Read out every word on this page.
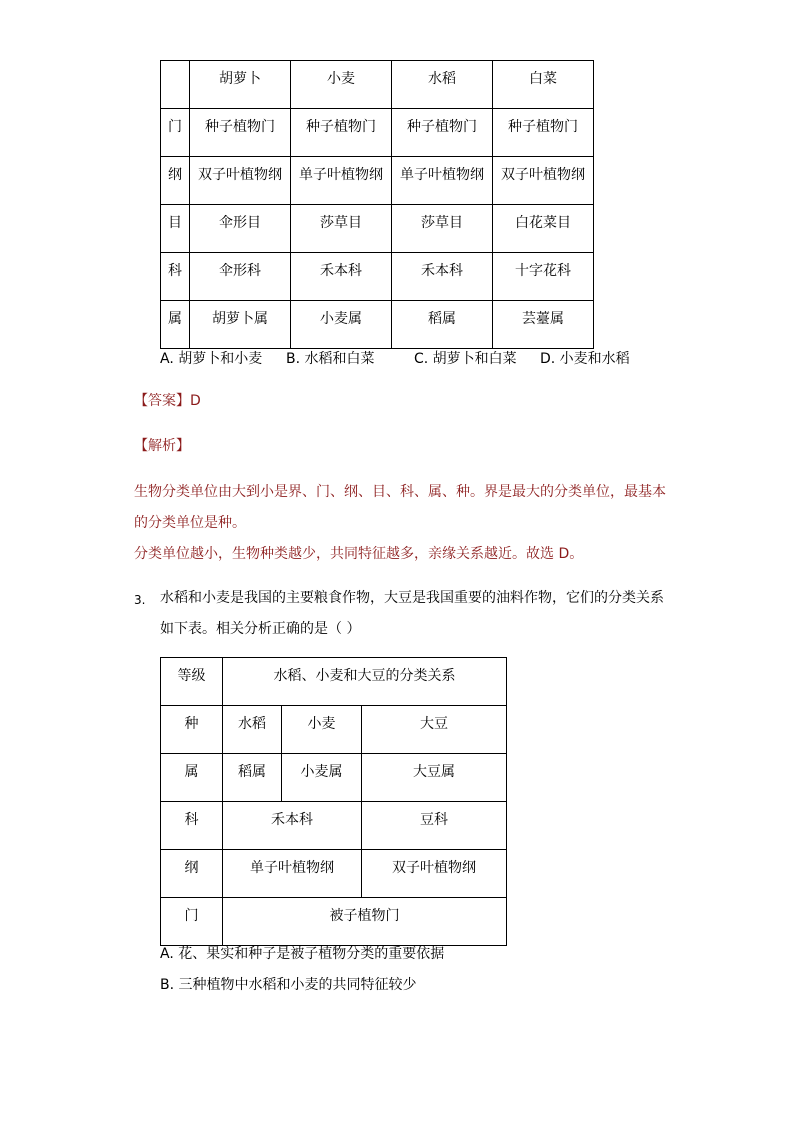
	胡萝卜	小麦	水稻	白菜
门	种子植物门	种子植物门	种子植物门	种子植物门
纲	双子叶植物纲	单子叶植物纲	单子叶植物纲	双子叶植物纲
目	伞形目	莎草目	莎草目	白花菜目
科	伞形科	禾本科	禾本科	十字花科
属	胡萝卜属	小麦属	稻属	芸薹属
A. 胡萝卜和小麦 B. 水稻和白菜	C. 胡萝卜和白菜 D. 小麦和水稻
【答案】D
【解析】
生物分类单位由大到小是界、门、纲、目、科、属、种。界是最大的分类单位，最基本
的分类单位是种。
分类单位越小，生物种类越少，共同特征越多，亲缘关系越近。故选 D。
3. 水稻和小麦是我国的主要粮食作物，大豆是我国重要的油料作物，它们的分类关系
如下表。相关分析正确的是（ ）
等级	水稻、小麦和大豆的分类关系		
种	水稻	小麦	大豆
属	稻属	小麦属	大豆属
科	禾本科		豆科
纲	单子叶植物纲		双子叶植物纲
门	被子植物门		
A. 花、果实和种子是被子植物分类的重要依据
B. 三种植物中水稻和小麦的共同特征较少
